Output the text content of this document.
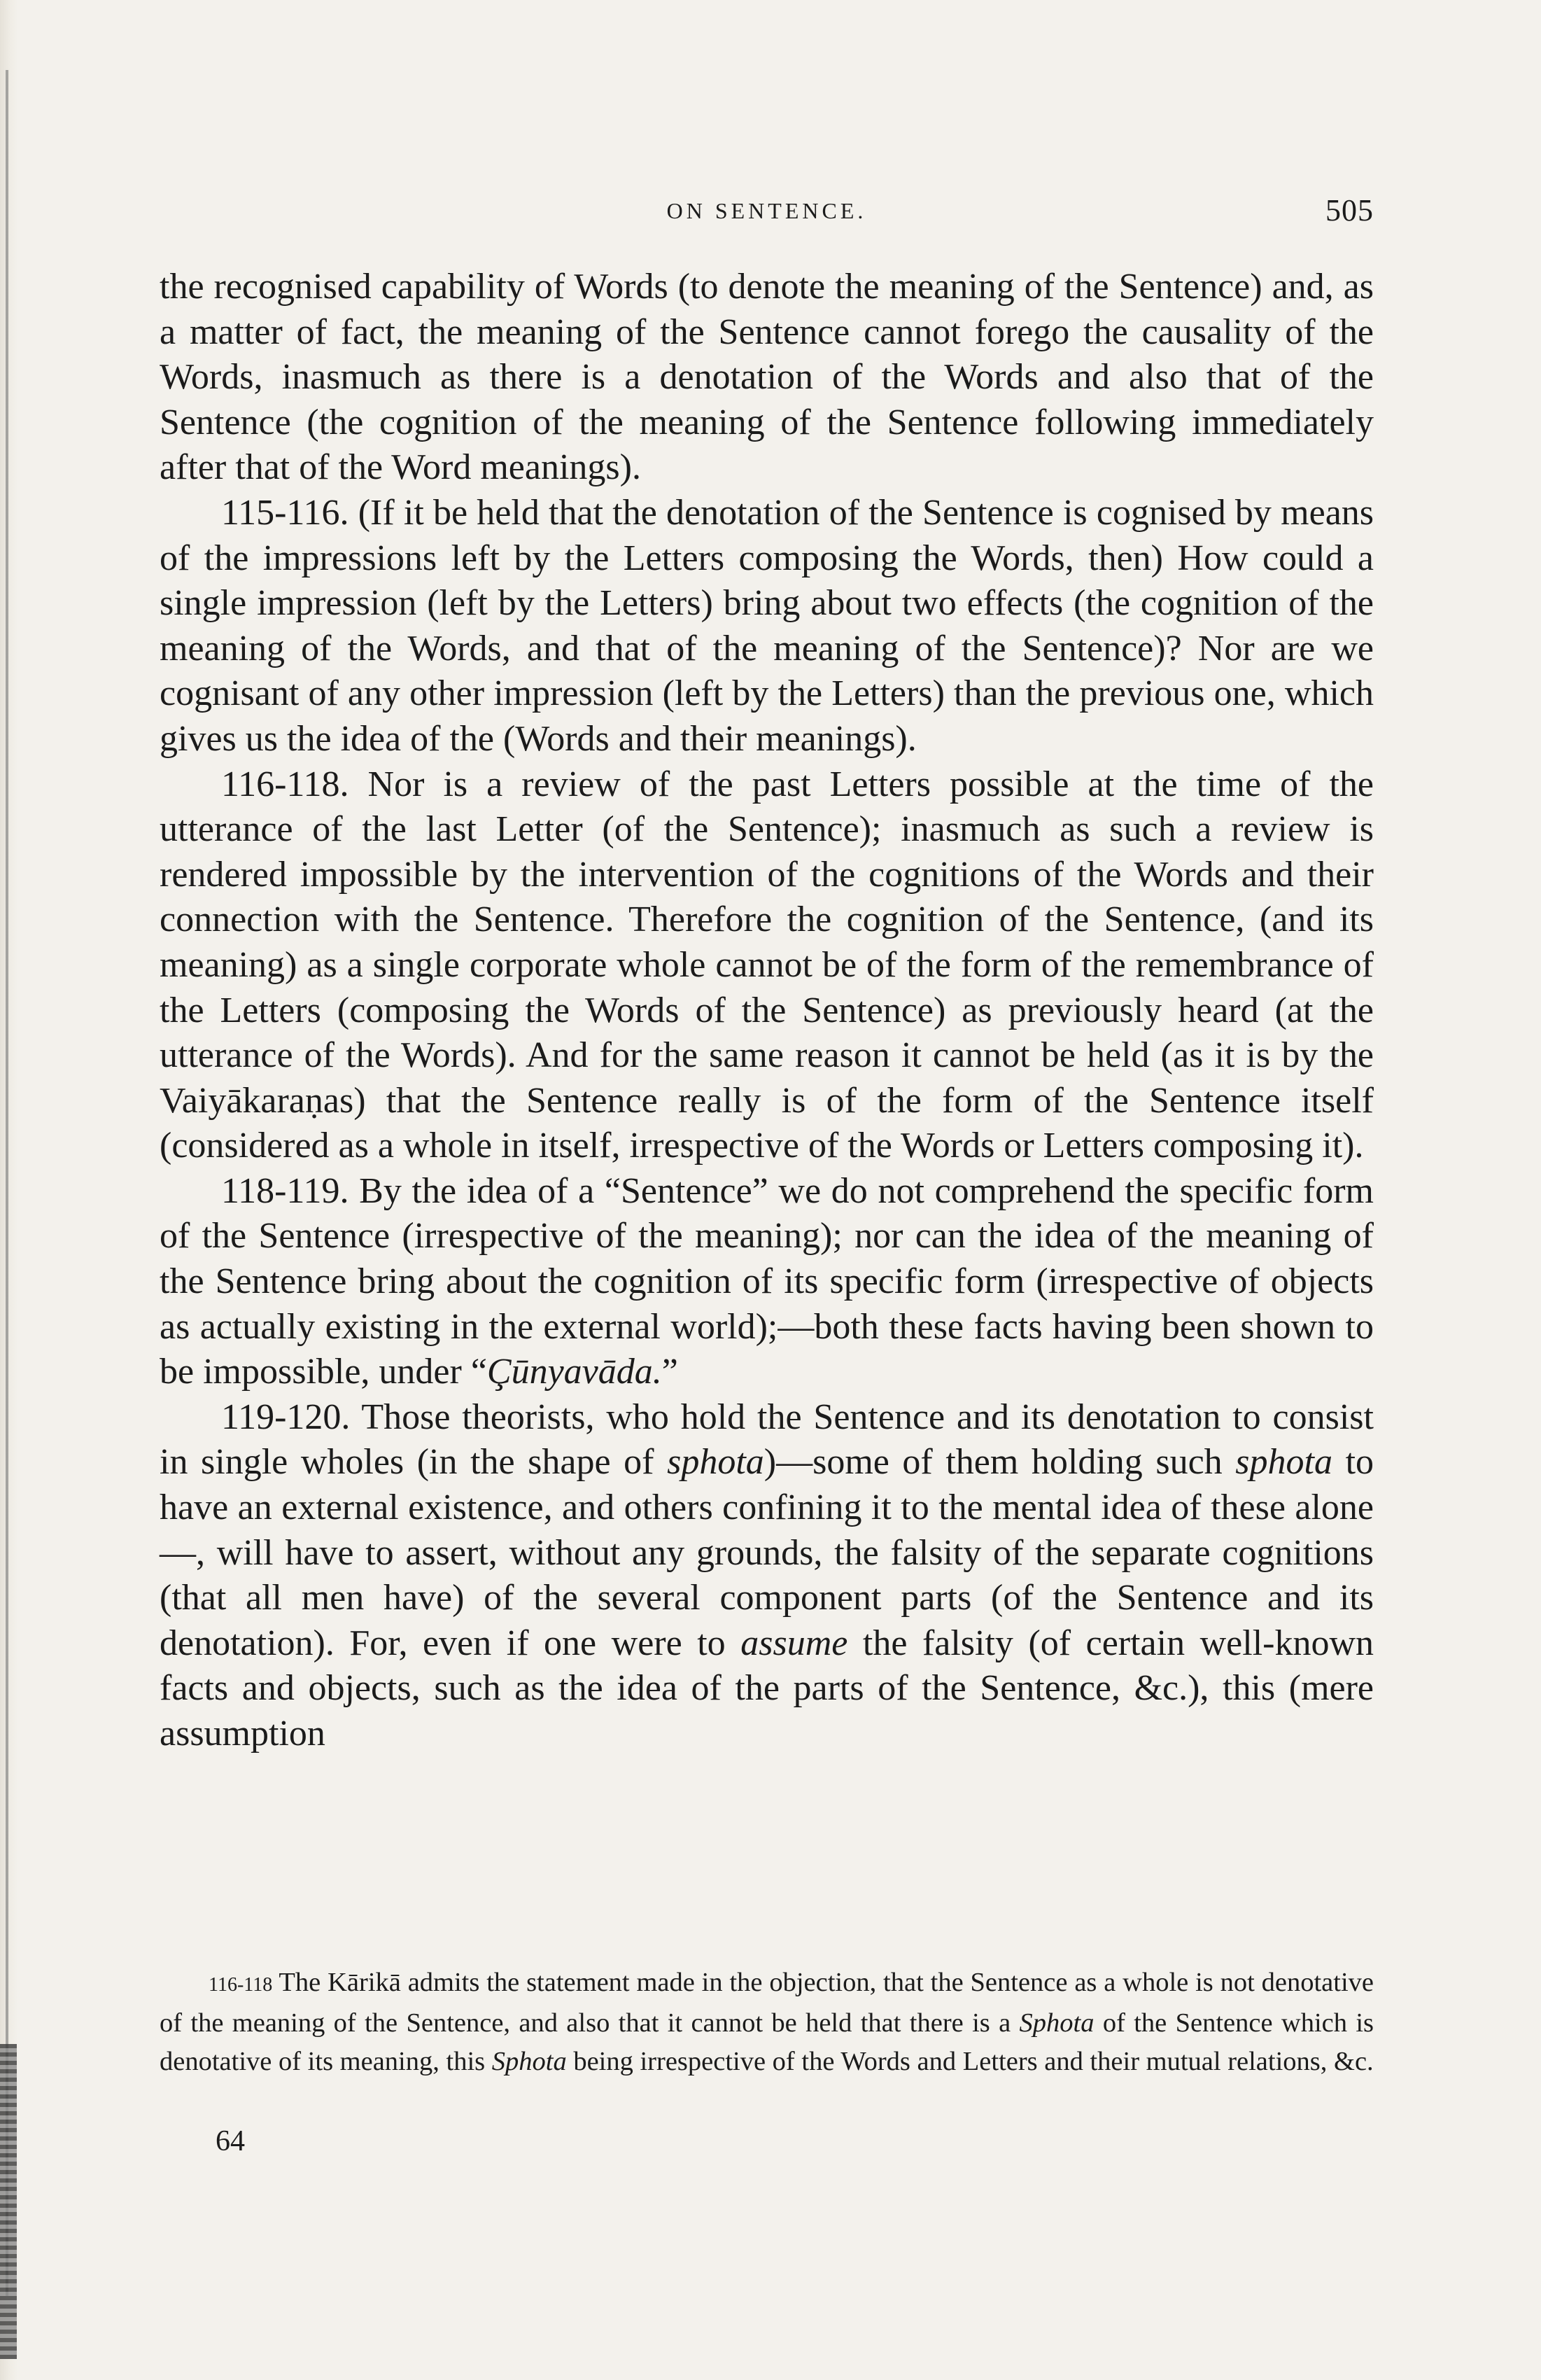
ON SENTENCE.	505

the recognised capability of Words (to denote the meaning of the Sentence) and, as a matter of fact, the meaning of the Sentence cannot forego the causality of the Words, inasmuch as there is a denotation of the Words and also that of the Sentence (the cognition of the meaning of the Sentence following immediately after that of the Word meanings).

115-116. (If it be held that the denotation of the Sentence is cognised by means of the impressions left by the Letters composing the Words, then) How could a single impression (left by the Letters) bring about two effects (the cognition of the meaning of the Words, and that of the meaning of the Sentence)? Nor are we cognisant of any other impression (left by the Letters) than the previous one, which gives us the idea of the (Words and their meanings).

116-118. Nor is a review of the past Letters possible at the time of the utterance of the last Letter (of the Sentence); inasmuch as such a review is rendered impossible by the intervention of the cognitions of the Words and their connection with the Sentence. Therefore the cognition of the Sentence, (and its meaning) as a single corporate whole cannot be of the form of the remembrance of the Letters (composing the Words of the Sentence) as previously heard (at the utterance of the Words). And for the same reason it cannot be held (as it is by the Vaiyākaraṇas) that the Sentence really is of the form of the Sentence itself (considered as a whole in itself, irrespective of the Words or Letters composing it).

118-119. By the idea of a “Sentence” we do not comprehend the specific form of the Sentence (irrespective of the meaning); nor can the idea of the meaning of the Sentence bring about the cognition of its specific form (irrespective of objects as actually existing in the external world);—both these facts having been shown to be impossible, under “Çūnyavāda.”

119-120. Those theorists, who hold the Sentence and its denotation to consist in single wholes (in the shape of sphota)—some of them holding such sphota to have an external existence, and others confining it to the mental idea of these alone—, will have to assert, without any grounds, the falsity of the separate cognitions (that all men have) of the several component parts (of the Sentence and its denotation). For, even if one were to assume the falsity (of certain well-known facts and objects, such as the idea of the parts of the Sentence, &c.), this (mere assumption

116-118 The Kārikā admits the statement made in the objection, that the Sentence as a whole is not denotative of the meaning of the Sentence, and also that it cannot be held that there is a Sphota of the Sentence which is denotative of its meaning, this Sphota being irrespective of the Words and Letters and their mutual relations, &c.

64
